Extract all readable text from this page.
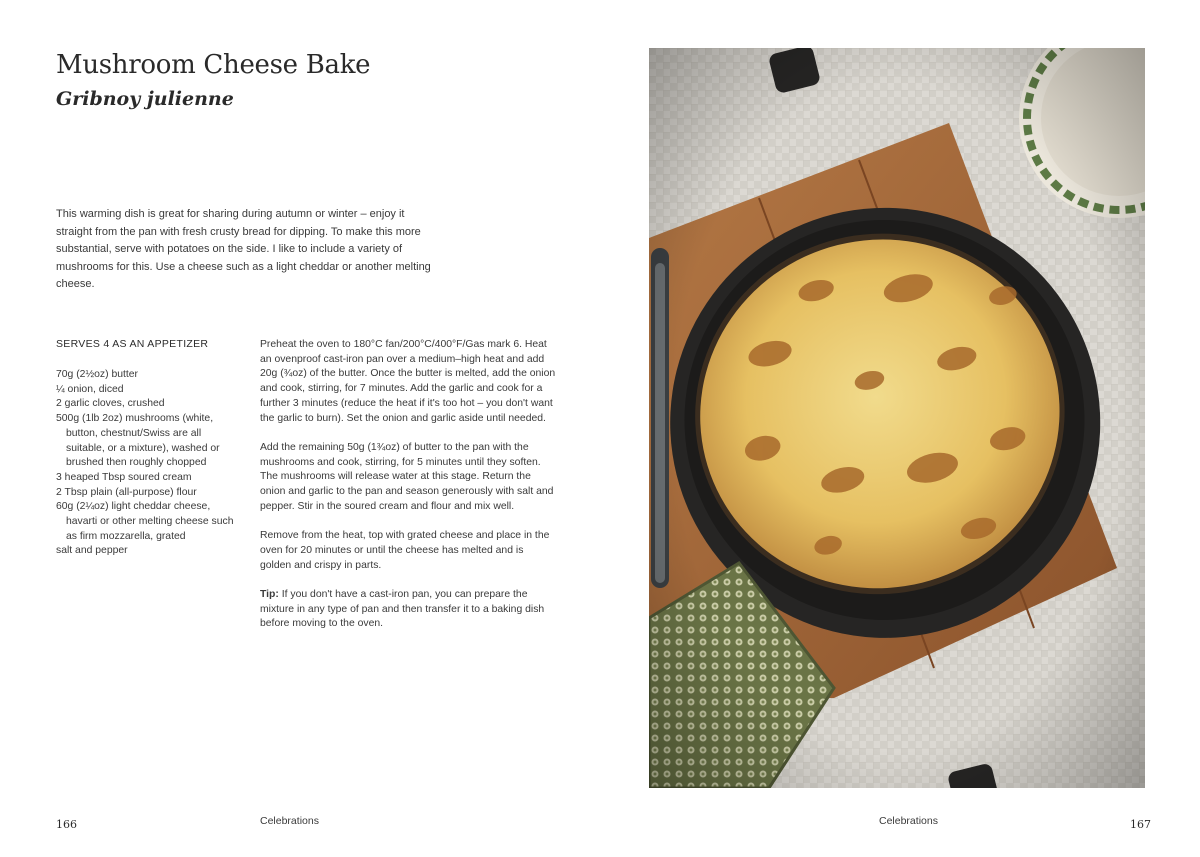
Mushroom Cheese Bake
Gribnoy julienne

This warming dish is great for sharing during autumn or winter – enjoy it straight from the pan with fresh crusty bread for dipping. To make this more substantial, serve with potatoes on the side. I like to include a variety of mushrooms for this. Use a cheese such as a light cheddar or another melting cheese.

SERVES 4 AS AN APPETIZER
70g (2½oz) butter
¼ onion, diced
2 garlic cloves, crushed
500g (1lb 2oz) mushrooms (white, button, chestnut/Swiss are all suitable, or a mixture), washed or brushed then roughly chopped
3 heaped Tbsp soured cream
2 Tbsp plain (all-purpose) flour
60g (2¼oz) light cheddar cheese, havarti or other melting cheese such as firm mozzarella, grated
salt and pepper

Preheat the oven to 180°C fan/200°C/400°F/Gas mark 6. Heat an ovenproof cast-iron pan over a medium–high heat and add 20g (¾oz) of the butter. Once the butter is melted, add the onion and cook, stirring, for 7 minutes. Add the garlic and cook for a further 3 minutes (reduce the heat if it's too hot – you don't want the garlic to burn). Set the onion and garlic aside until needed.

Add the remaining 50g (1¾oz) of butter to the pan with the mushrooms and cook, stirring, for 5 minutes until they soften. The mushrooms will release water at this stage. Return the onion and garlic to the pan and season generously with salt and pepper. Stir in the soured cream and flour and mix well.

Remove from the heat, top with grated cheese and place in the oven for 20 minutes or until the cheese has melted and is golden and crispy in parts.

Tip: If you don't have a cast-iron pan, you can prepare the mixture in any type of pan and then transfer it to a baking dish before moving to the oven.

166	Celebrations	Celebrations	167
